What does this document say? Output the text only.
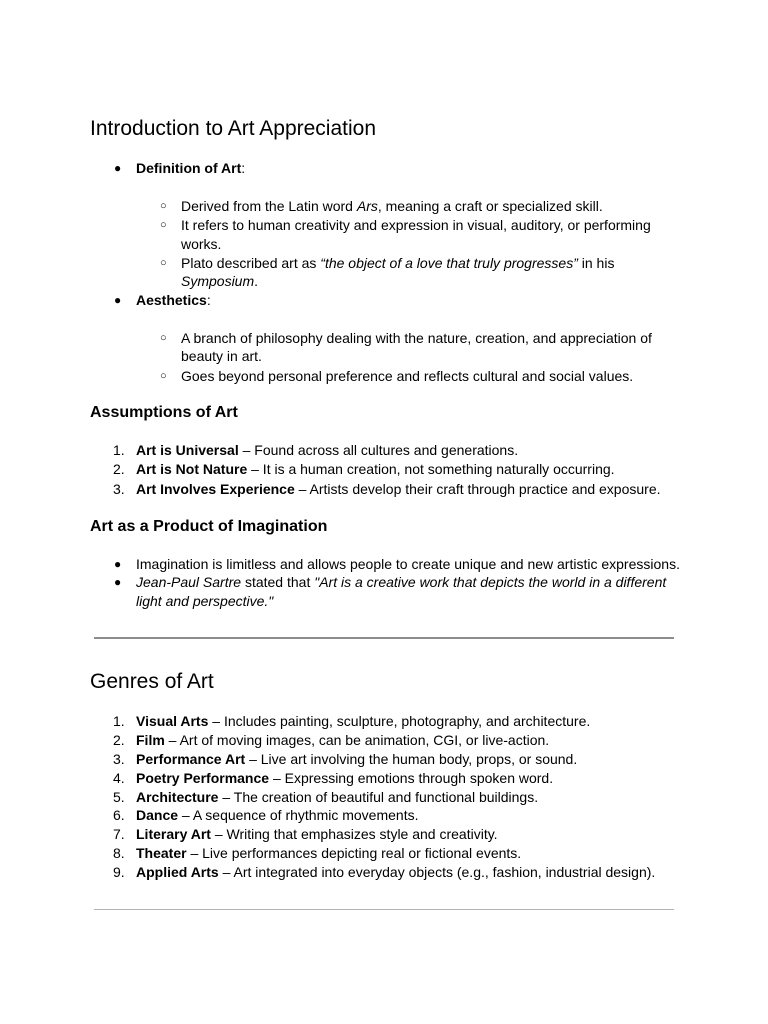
Introduction to Art Appreciation
● Definition of Art:
○ Derived from the Latin word Ars, meaning a craft or specialized skill.
○ It refers to human creativity and expression in visual, auditory, or performing
works.
○ Plato described art as “the object of a love that truly progresses” in his
Symposium.
● Aesthetics:
○ A branch of philosophy dealing with the nature, creation, and appreciation of
beauty in art.
○ Goes beyond personal preference and reflects cultural and social values.
Assumptions of Art
1. Art is Universal – Found across all cultures and generations.
2. Art is Not Nature – It is a human creation, not something naturally occurring.
3. Art Involves Experience – Artists develop their craft through practice and exposure.
Art as a Product of Imagination
● Imagination is limitless and allows people to create unique and new artistic expressions.
● Jean-Paul Sartre stated that "Art is a creative work that depicts the world in a different
light and perspective."
Genres of Art
1. Visual Arts – Includes painting, sculpture, photography, and architecture.
2. Film – Art of moving images, can be animation, CGI, or live-action.
3. Performance Art – Live art involving the human body, props, or sound.
4. Poetry Performance – Expressing emotions through spoken word.
5. Architecture – The creation of beautiful and functional buildings.
6. Dance – A sequence of rhythmic movements.
7. Literary Art – Writing that emphasizes style and creativity.
8. Theater – Live performances depicting real or fictional events.
9. Applied Arts – Art integrated into everyday objects (e.g., fashion, industrial design).
